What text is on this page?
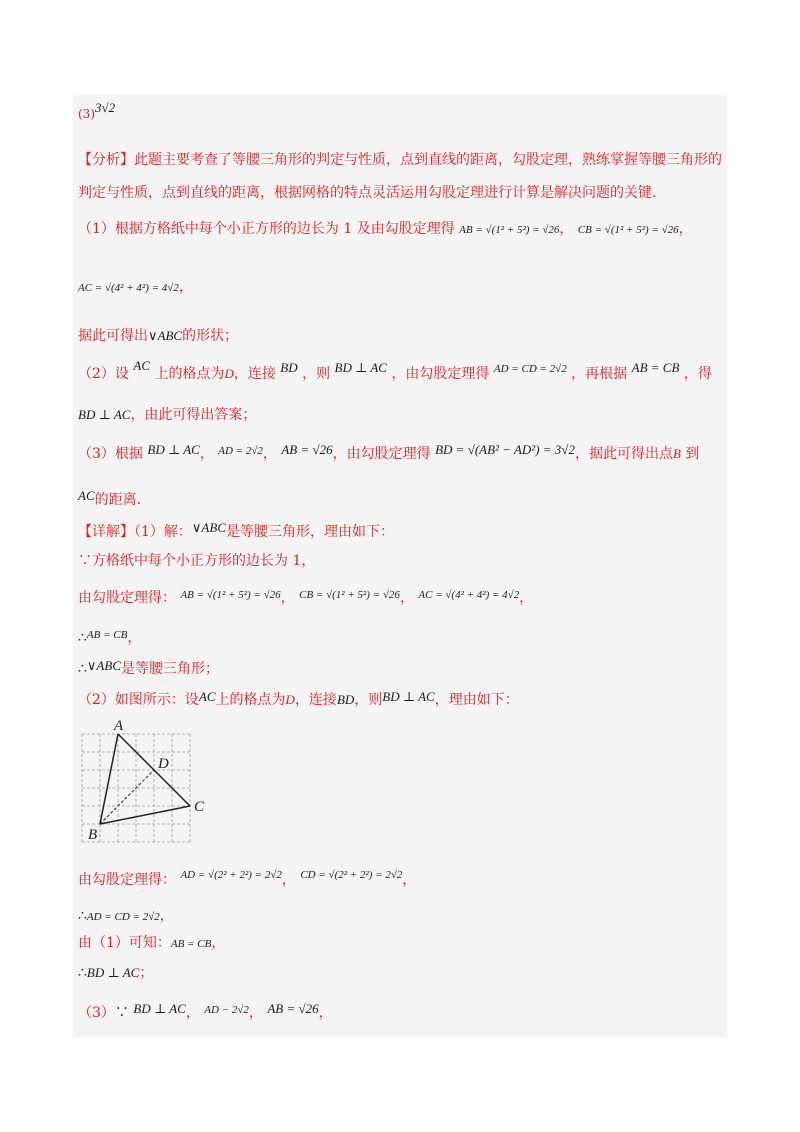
(3)3√2
【分析】此题主要考查了等腰三角形的判定与性质，点到直线的距离，勾股定理，熟练掌握等腰三角形的
判定与性质，点到直线的距离，根据网格的特点灵活运用勾股定理进行计算是解决问题的关键.
（1）根据方格纸中每个小正方形的边长为 1 及由勾股定理得 AB = √(1² + 5²) = √26， CB = √(1² + 5²) = √26，
AC = √(4² + 4²) = 4√2，
据此可得出∨ABC的形状；
（2）设 AC 上的格点为D，连接 BD ，则 BD ⊥ AC ，由勾股定理得 $^{AD = CD = 2√2}$ ，再根据 AB = CB ，得
BD ⊥ AC，由此可得出答案；
（3）根据 BD ⊥ AC， $^{AD = 2√2}$， AB = √26，由勾股定理得 BD = √(AB² − AD²) = 3√2，据此可得出点B 到
AC的距离.
【详解】（1）解：∨ABC是等腰三角形，理由如下：
∵方格纸中每个小正方形的边长为 1，
由勾股定理得： $^{AB = √(1^2 + 5^2) = √26}$， $^{CB = √(1^2 + 5^2) = √26}$， $^{AC = √(4^2 + 4^2) = 4√2}$，
∴$^{AB = CB}$，
∴∨ABC是等腰三角形；
（2）如图所示：设AC上的格点为D，连接BD，则BD ⊥ AC，理由如下：
A
B
C
D
由勾股定理得： $^{AD = √(2^2 + 2^2) = 2√2}$， $^{CD = √(2^2 + 2^2) = 2√2}$，
∴AD = CD = 2√2，
由（1）可知：AB = CB，
∴BD ⊥ AC；
（3）∵ BD ⊥ AC， $^{AD - 2√2}$， AB = √26，
